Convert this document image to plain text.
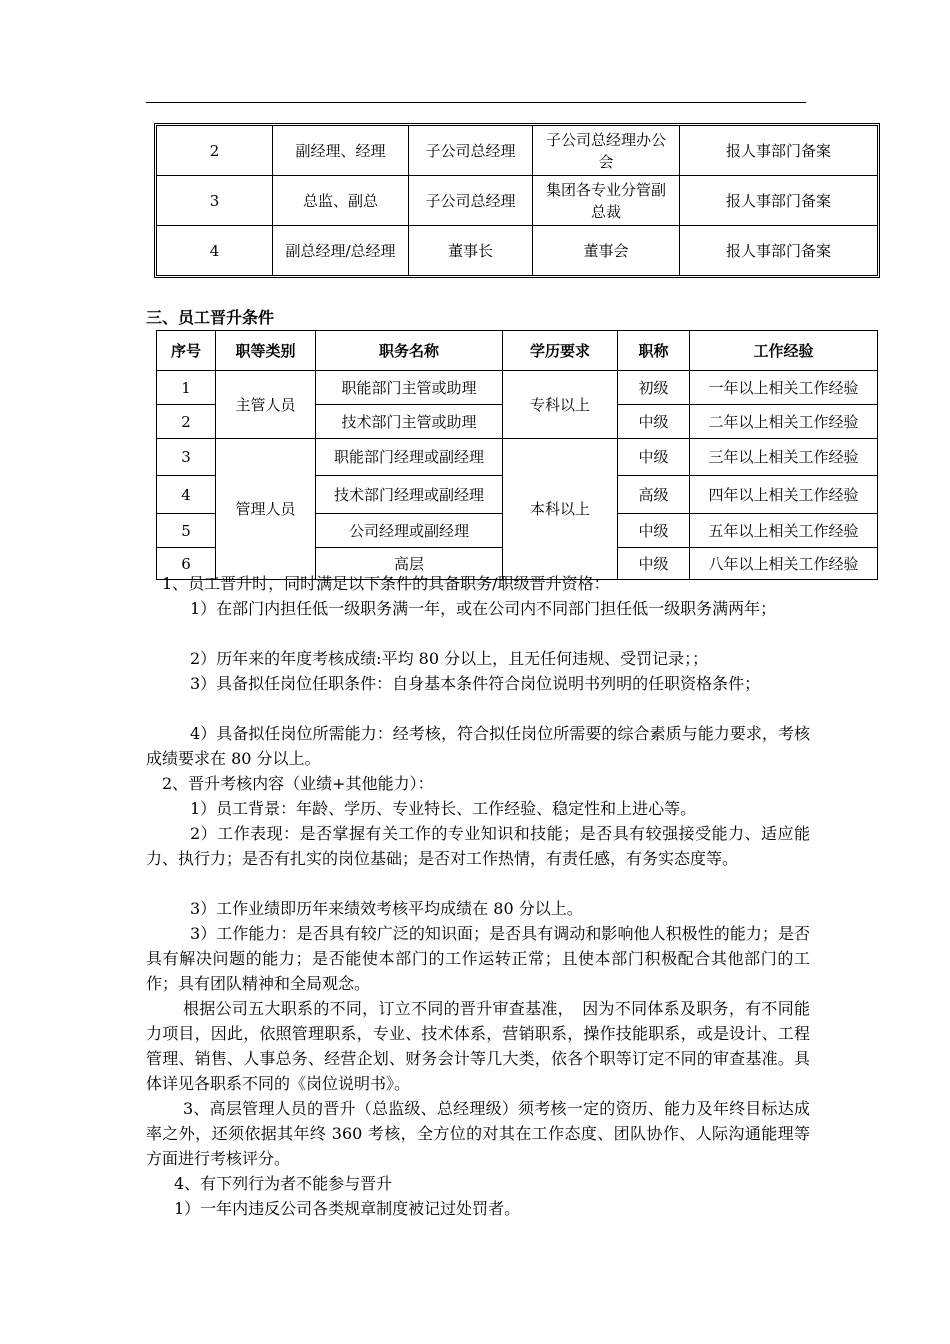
2	副经理、经理	子公司总经理	子公司总经理办公会	报人事部门备案
3	总监、副总	子公司总经理	集团各专业分管副总裁	报人事部门备案
4	副总经理/总经理	董事长	董事会	报人事部门备案
三、员工晋升条件
序号	职等类别	职务名称	学历要求	职称	工作经验
1	主管人员	职能部门主管或助理	专科以上	初级	一年以上相关工作经验
2		技术部门主管或助理		中级	二年以上相关工作经验
3	管理人员	职能部门经理或副经理	本科以上	中级	三年以上相关工作经验
4		技术部门经理或副经理		高级	四年以上相关工作经验
5		公司经理或副经理		中级	五年以上相关工作经验
6		高层		中级	八年以上相关工作经验

1、员工晋升时，同时满足以下条件的具备职务/职级晋升资格：

1）在部门内担任低一级职务满一年，或在公司内不同部门担任低一级职务满两年；

2）历年来的年度考核成绩:平均 80 分以上，且无任何违规、受罚记录；；

3）具备拟任岗位任职条件：自身基本条件符合岗位说明书列明的任职资格条件；

4）具备拟任岗位所需能力：经考核，符合拟任岗位所需要的综合素质与能力要求，考核成绩要求在 80 分以上。

2、晋升考核内容（业绩+其他能力）：

1）员工背景：年龄、学历、专业特长、工作经验、稳定性和上进心等。

2）工作表现：是否掌握有关工作的专业知识和技能；是否具有较强接受能力、适应能力、执行力；是否有扎实的岗位基础；是否对工作热情，有责任感，有务实态度等。

3）工作业绩即历年来绩效考核平均成绩在 80 分以上。

3）工作能力：是否具有较广泛的知识面；是否具有调动和影响他人积极性的能力；是否具有解决问题的能力；是否能使本部门的工作运转正常；且使本部门积极配合其他部门的工作；具有团队精神和全局观念。

根据公司五大职系的不同，订立不同的晋升审查基准，　因为不同体系及职务，有不同能力项目，因此，依照管理职系，专业、技术体系，营销职系，操作技能职系，或是设计、工程管理、销售、人事总务、经营企划、财务会计等几大类，依各个职等订定不同的审查基准。具体详见各职系不同的《岗位说明书》。

3、高层管理人员的晋升（总监级、总经理级）须考核一定的资历、能力及年终目标达成率之外，还须依据其年终 360 考核，全方位的对其在工作态度、团队协作、人际沟通能理等方面进行考核评分。

4、有下列行为者不能参与晋升

1）一年内违反公司各类规章制度被记过处罚者。
